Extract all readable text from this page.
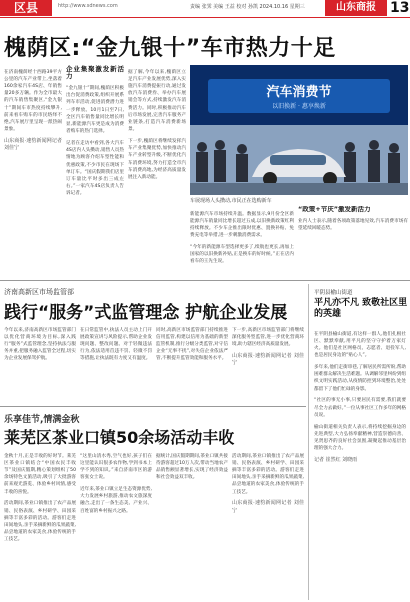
区县	http://www.sdnews.com	责编 张霁 美编 王益 校对 孙凯 2024.10.16 星期三	山东商报	13
槐荫区:“金九银十”车市热力十足

在济南槐荫经十西路39平方公里的汽车产业带上,坐落着160余家汽车4S店、年销售量20多万辆。作为全市最大的汽车销售集聚区,“金九银十”期间车市热度持续攀升,前来看车购车的市民络绎不绝,汽车展厅里呈现一派热闹景象。

山东商报·速豹新闻网记者 刘佳宁
企业集聚激发新活力

“金九银十”期间,槐荫区积极出台促消费政策,组织开展系列车市活动,促进消费潜力进一步释放。10月1日至7日,全区汽车销售量同比增长明显,新能源汽车更是成为消费者购车的热门选择。

记者在走访中看到,各大汽车4S店内人头攒动,销售人员热情地为顾客介绍车型性能和优惠政策,不少市民在现场下单订车。“国庆假期我们店里订车量比平时多出三成左右。”一家汽车4S店负责人告诉记者。

据了解,今年以来,槐荫区立足汽车产业发展优势,深入实施汽车消费提振行动,通过发放汽车消费券、举办汽车展销会等方式,持续激发汽车消费活力。同时,积极推动汽车后市场发展,完善汽车服务产业链条,打造汽车消费新场景。

下一步,槐荫区将继续发挥汽车产业集聚优势,加快推动汽车产业转型升级,不断优化汽车消费环境,努力打造全市汽车消费高地,为经济高质量发展注入新动能。

汽车消费节
以旧换新 · 惠享焕新
车展现场人头攒动,市民正在选购新车

新能源汽车市场持续升温。数据显示,9月份全区新能源汽车销量同比增长超过五成,以旧换新政策红利持续释放。不少车企推出限时优惠、置换补贴、免费充电等举措,进一步刺激消费需求。

“今年的新能源车型选择更多了,续航也更长,再加上国家的以旧换新补贴,正是换车的好时候。”正在店内看车的王先生说。

“政策+节庆”激发新活力

业内人士表示,随着各项政策落地见效,汽车消费市场有望延续回暖态势。

济南高新区市场监管部
践行“服务”式监管理念 护航企业发展

今年以来,济南高新区市场监管部门以优化营商环境为目标,深入践行“服务”式监管理念,坚持执法与服务并重,把服务融入监管全过程,切实为企业发展保驾护航。

在日常监管中,执法人员主动上门开展政策宣讲与风险提示,帮助企业发现问题、整改问题。对于轻微违法行为,依法适用首违不罚、轻微不罚等措施,让执法既有力度又有温度。

同时,高新区市场监管部门持续推进信用监管,构建以信用为基础的新型监管机制,推行分级分类监管,对守信企业“无事不扰”,对失信企业依法严管,不断提升监管效能和服务水平。

下一步,高新区市场监管部门将继续深化服务型监管,进一步优化营商环境,助力辖区经济高质量发展。

山东商报·速豹新闻网记者 刘佳宁
乐享佳节,情满金秋
莱芜区茶业口镇50余场活动丰收

金秋十月,正是丰收的好时节。莱芜区茶业口镇结合“中国农民丰收节”及国庆假期,精心策划组织了50余场特色文旅活动,吸引了大批游客前来观光游览、体验乡村风情,感受丰收的喜悦。

活动期间,茶业口镇推出了农产品展销、民俗表演、乡村研学、田园采摘等丰富多彩的活动。游客们走进田间地头,亲手采摘新鲜的瓜果蔬菜,品尝地道的农家美食,体验传统的手工技艺。

“这里山清水秀,空气也好,孩子们在这里能认识很多农作物,学到书本上学不到的知识。”来自济南市区的游客张女士说。

近年来,茶业口镇立足生态资源优势,大力发展乡村旅游,推动农文旅深度融合,走出了一条生态美、产业兴、百姓富的乡村振兴之路。

据统计,国庆假期期间,茶业口镇共接待游客超过10万人次,带动当地农产品销售额显著增长,实现了经济效益和社会效益双丰收。

活动期间,茶业口镇推出了农产品展销、民俗表演、乡村研学、田园采摘等丰富多彩的活动。游客们走进田间地头,亲手采摘新鲜的瓜果蔬菜,品尝地道的农家美食,体验传统的手工技艺。

山东商报·速豹新闻网记者 刘佳宁
平阴县榆山街道
平凡亦不凡 致敬社区里的英雄

在平阴县榆山街道,有这样一群人,他们扎根社区、默默奉献,用平凡的坚守守护着万家灯火。他们是社区网格员、志愿者、退役军人,也是居民身边的“贴心人”。

多年来,他们走街串巷,了解居民所需所盼,帮助困难群众解决生活难题。从调解邻里纠纷到组织文明实践活动,从疫情防控到环境整治,处处都留下了他们忙碌的身影。

“社区的事无小事,只要居民有需要,我们就要尽全力去做好。”一位从事社区工作多年的网格员说。

榆山街道相关负责人表示,将持续挖掘身边的先进典型,大力弘扬奉献精神,营造崇德向善、见贤思齐的良好社会氛围,凝聚起推动基层治理的强大合力。

记者 崔然红 刘晓雨
